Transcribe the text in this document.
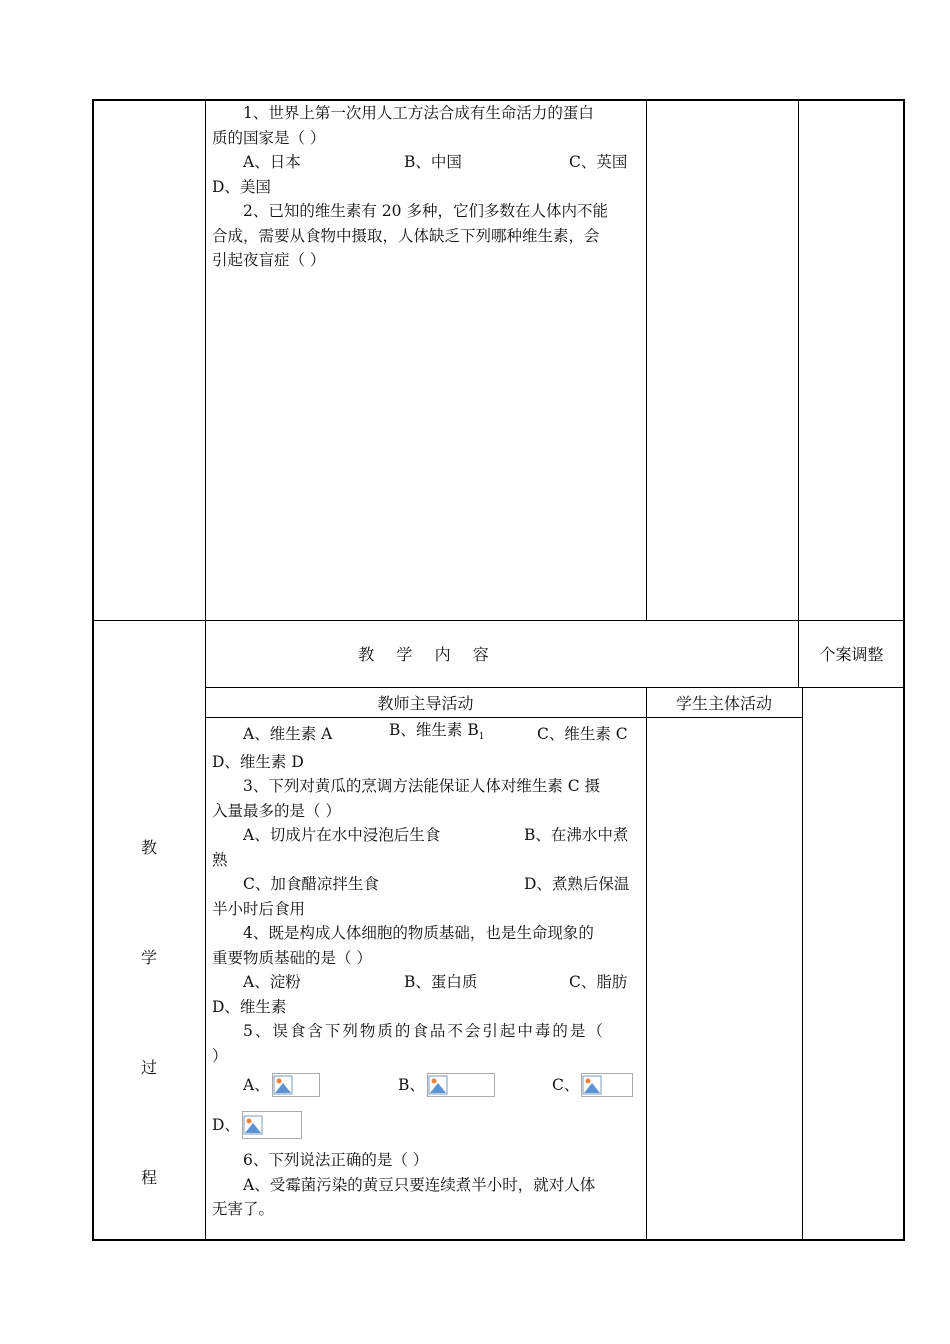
1、世界上第一次用人工方法合成有生命活力的蛋白
质的国家是（ ）
A、日本	B、中国	C、英国
D、美国
2、已知的维生素有 20 多种，它们多数在人体内不能
合成，需要从食物中摄取，人体缺乏下列哪种维生素，会
引起夜盲症（ ）
教  学  内  容	个案调整
教师主导活动	学生主体活动
教
学
过
程
A、维生素 A	B、维生素 $B_1$	C、维生素 C
D、维生素 D
3、下列对黄瓜的烹调方法能保证人体对维生素 C 摄
入量最多的是（ ）
A、切成片在水中浸泡后生食	B、在沸水中煮
熟
C、加食醋凉拌生食	D、煮熟后保温
半小时后食用
4、既是构成人体细胞的物质基础，也是生命现象的
重要物质基础的是（ ）
A、淀粉	B、蛋白质	C、脂肪
D、维生素
5、误食含下列物质的食品不会引起中毒的是（
）
A、	B、	C、
D、
6、下列说法正确的是（ ）
A、受霉菌污染的黄豆只要连续煮半小时，就对人体
无害了。
